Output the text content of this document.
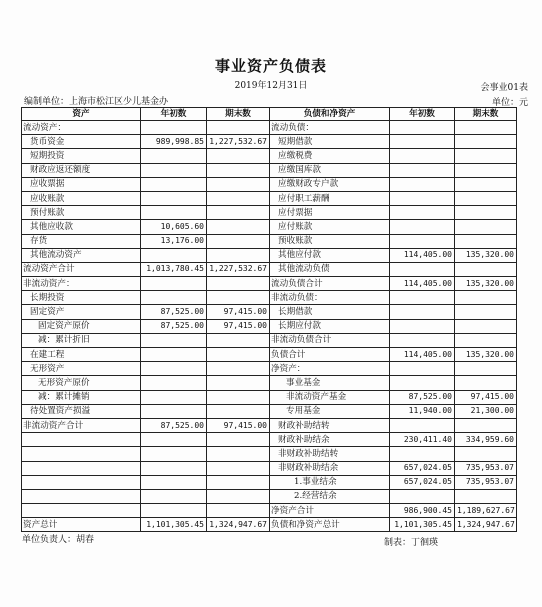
事业资产负债表
2019年12月31日	会事业01表
编制单位：上海市松江区少儿基金办	单位：元
资产	年初数	期末数	负债和净资产	年初数	期末数
流动资产：			流动负债：		
货币资金	989,998.85	1,227,532.67	短期借款		
短期投资			应缴税费		
财政应返还额度			应缴国库款		
应收票据			应缴财政专户款		
应收账款			应付职工薪酬		
预付账款			应付票据		
其他应收款	10,605.60		应付账款		
存货	13,176.00		预收账款		
其他流动资产			其他应付款	114,405.00	135,320.00
流动资产合计	1,013,780.45	1,227,532.67	其他流动负债		
非流动资产：			流动负债合计	114,405.00	135,320.00
长期投资			非流动负债：		
固定资产	87,525.00	97,415.00	长期借款		
固定资产原价	87,525.00	97,415.00	长期应付款		
减：累计折旧			非流动负债合计		
在建工程			负债合计	114,405.00	135,320.00
无形资产			净资产：		
无形资产原价			事业基金		
减：累计摊销			非流动资产基金	87,525.00	97,415.00
待处置资产损溢			专用基金	11,940.00	21,300.00
非流动资产合计	87,525.00	97,415.00	财政补助结转		
			财政补助结余	230,411.40	334,959.60
			非财政补助结转		
			非财政补助结余	657,024.05	735,953.07
			1.事业结余	657,024.05	735,953.07
			2.经营结余		
			净资产合计	986,900.45	1,189,627.67
资产总计	1,101,305.45	1,324,947.67	负债和净资产总计	1,101,305.45	1,324,947.67
单位负责人：胡春	制表：丁徊瑛
